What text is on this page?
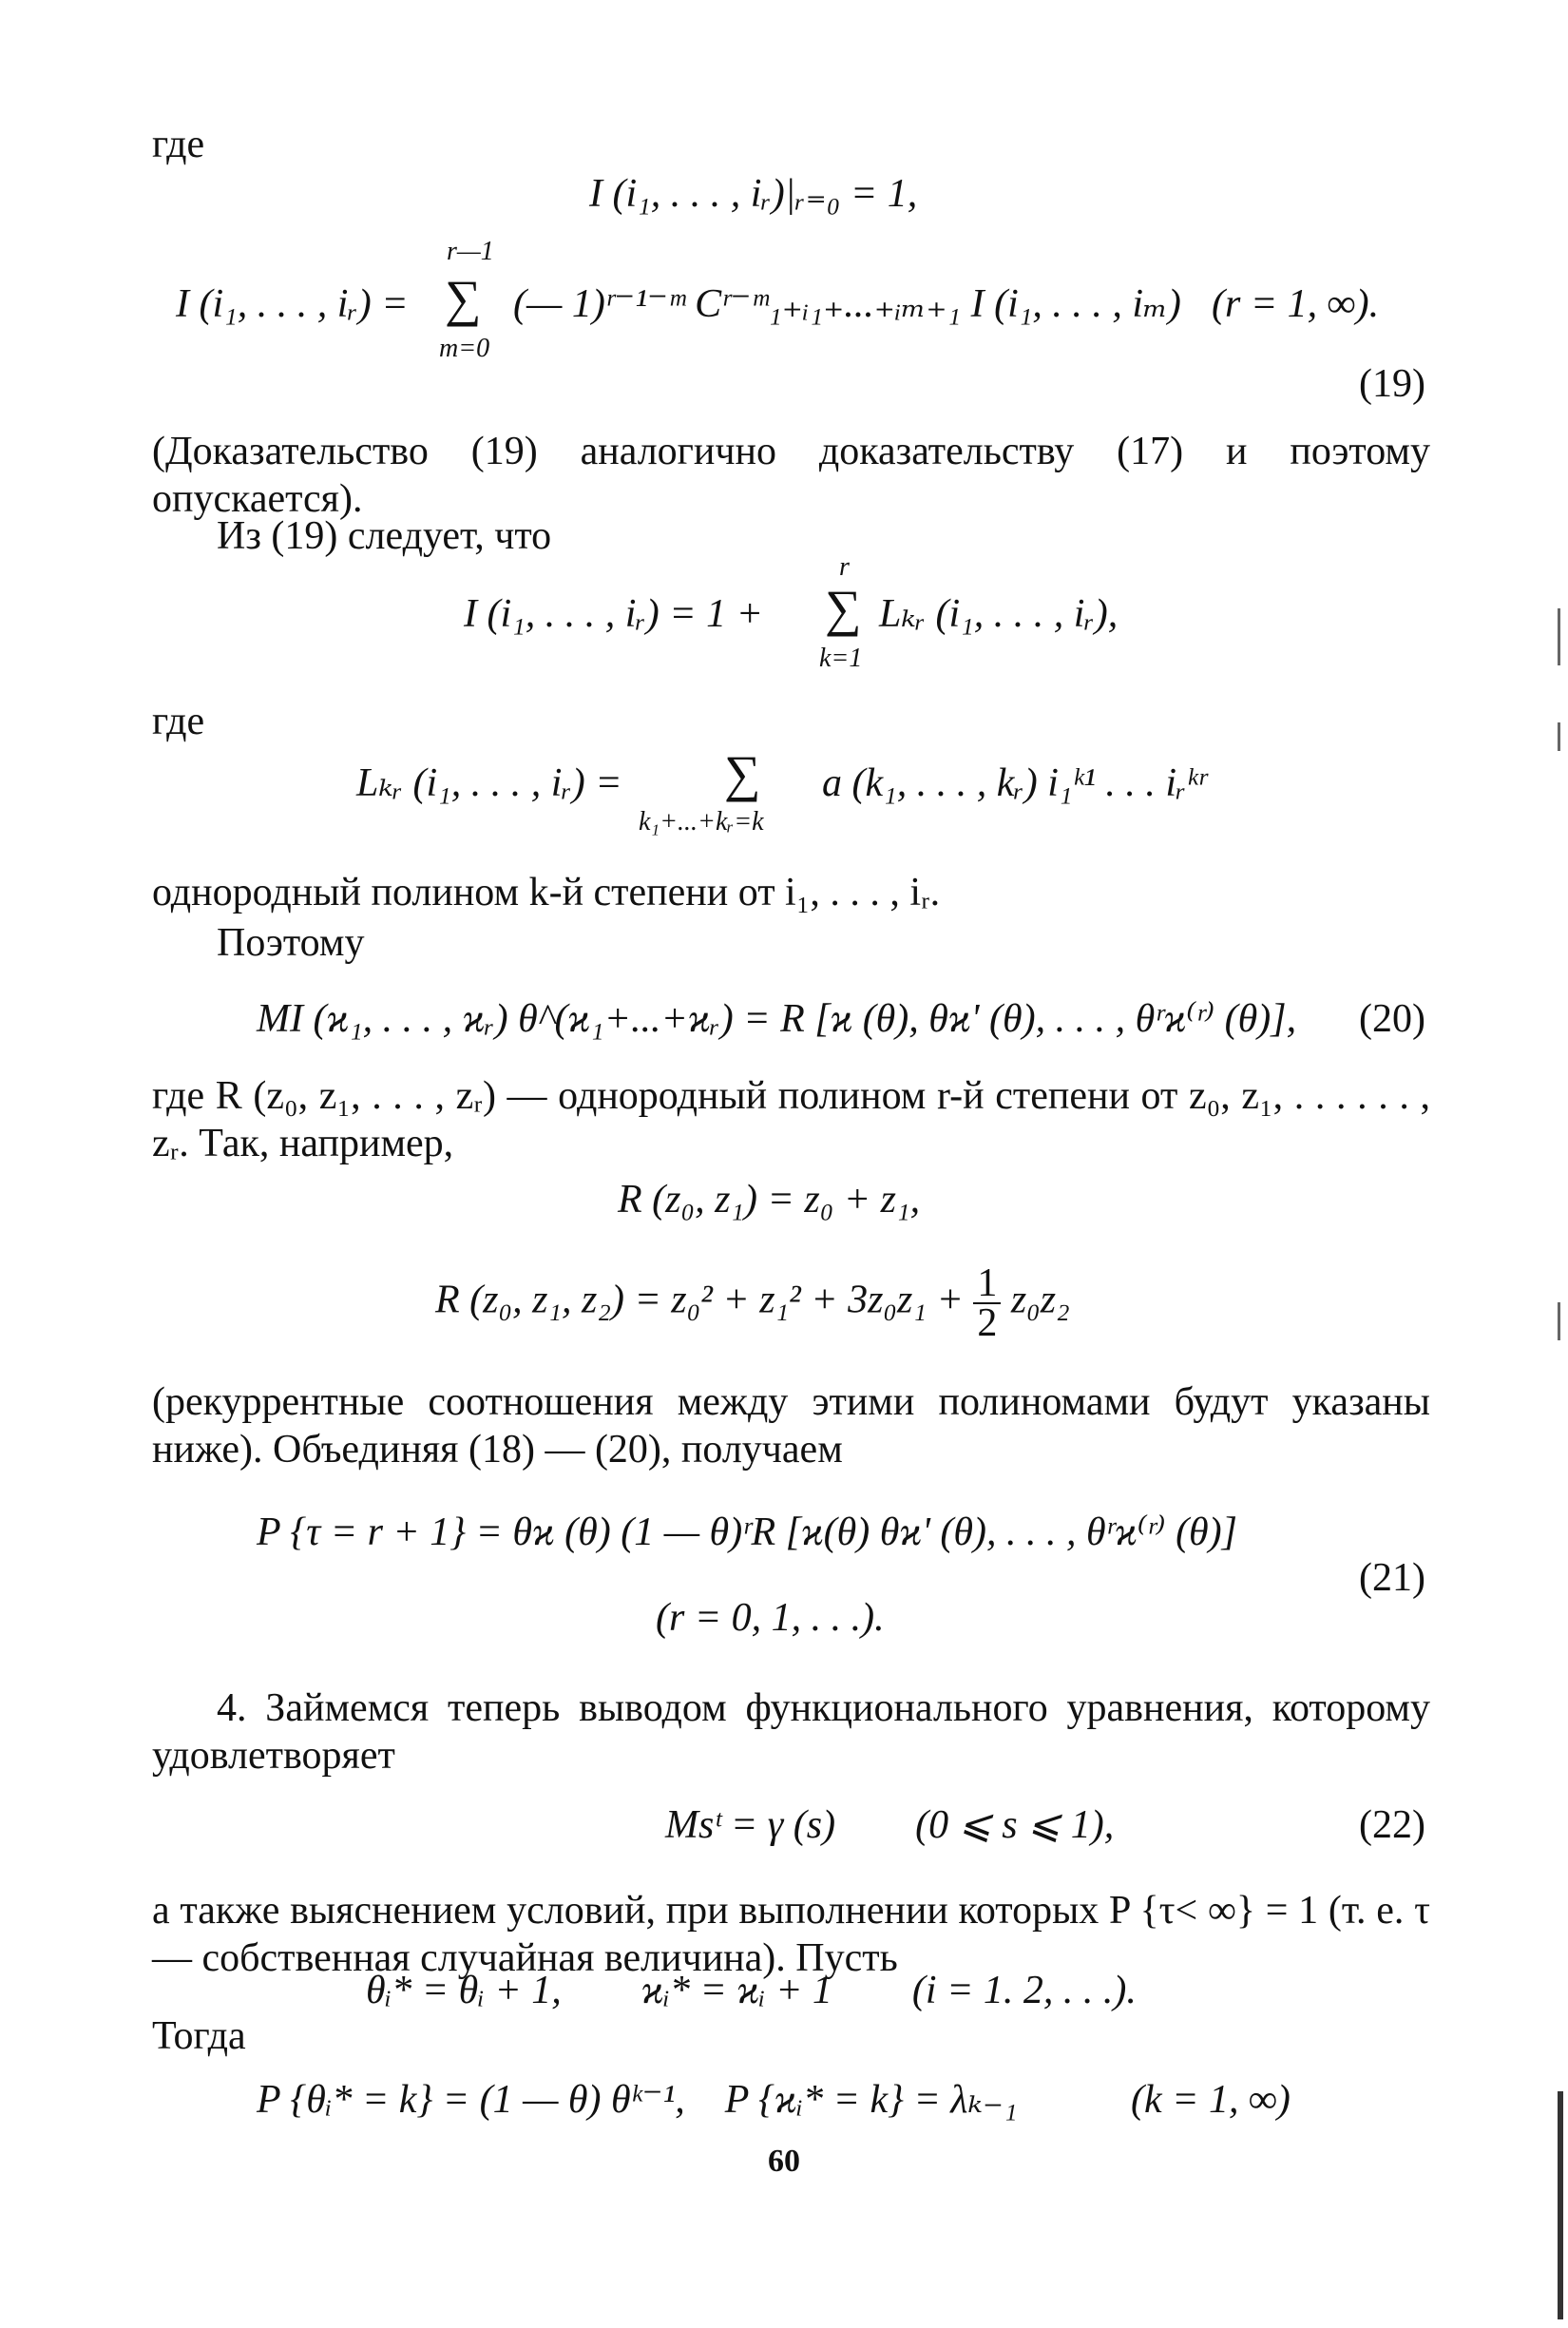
где
I (i₁, . . . , iᵣ)|ᵣ₌₀ = 1,
I (i₁, . . . , iᵣ) =
r—1
∑
m=0
(— 1)ʳ⁻¹⁻ᵐ Cʳ⁻ᵐ₁₊ᵢ₁₊...₊ᵢₘ₊₁ I (i₁, . . . , iₘ) (r = 1, ∞).
(19)
(Доказательство (19) аналогично доказательству (17) и поэтому опускается).
Из (19) следует, что
r
I (i₁, . . . , iᵣ) = 1 + ∑
k=1
Lₖᵣ (i₁, . . . , iᵣ),
где
Lₖᵣ (i₁, . . . , iᵣ) = ∑
k₁+...+kᵣ=k
a (k₁, . . . , kᵣ) i₁ᵏ¹ . . . iᵣᵏʳ
однородный полином k-й степени от i₁, . . . , iᵣ.
Поэтому
MI (ϰ₁, . . . , ϰᵣ) θ^(ϰ₁+...+ϰᵣ) = R [ϰ (θ), θϰʹ (θ), . . . , θʳϰ⁽ʳ⁾ (θ)], (20)
где R (z₀, z₁, . . . , zᵣ) — однородный полином r-й степени от z₀, z₁, . . . . . . , zᵣ. Так, например,
R (z₀, z₁) = z₀ + z₁,
R (z₀, z₁, $z_2) = z_0^2 + z_1^2 + 3z_0z_1 + \frac{1}{2} z_0z_2$
(рекуррентные соотношения между этими полиномами будут указаны ниже). Объединяя (18) — (20), получаем
P {τ = r + 1} = θϰ (θ) (1 — θ)ʳR [ϰ(θ) θϰʹ (θ), . . . , θʳϰ⁽ʳ⁾ (θ)]
(21)
(r = 0, 1, . . .).
4. Займемся теперь выводом функционального уравнения, которому удовлетворяет
Msᵗ = γ (s)        (0 ⩽ s ⩽ 1),	(22)
а также выяснением условий, при выполнении которых P {τ< ∞} = 1 (т. е. τ — собственная случайная величина). Пусть
θᵢ* = θᵢ + 1,        ϰᵢ* = ϰᵢ + 1        (i = 1. 2, . . .).
Тогда
P {θᵢ* = k} = (1 — θ) θᵏ⁻¹,    P {ϰᵢ* = k} = λₖ₋₁	(k = 1, ∞)
60
